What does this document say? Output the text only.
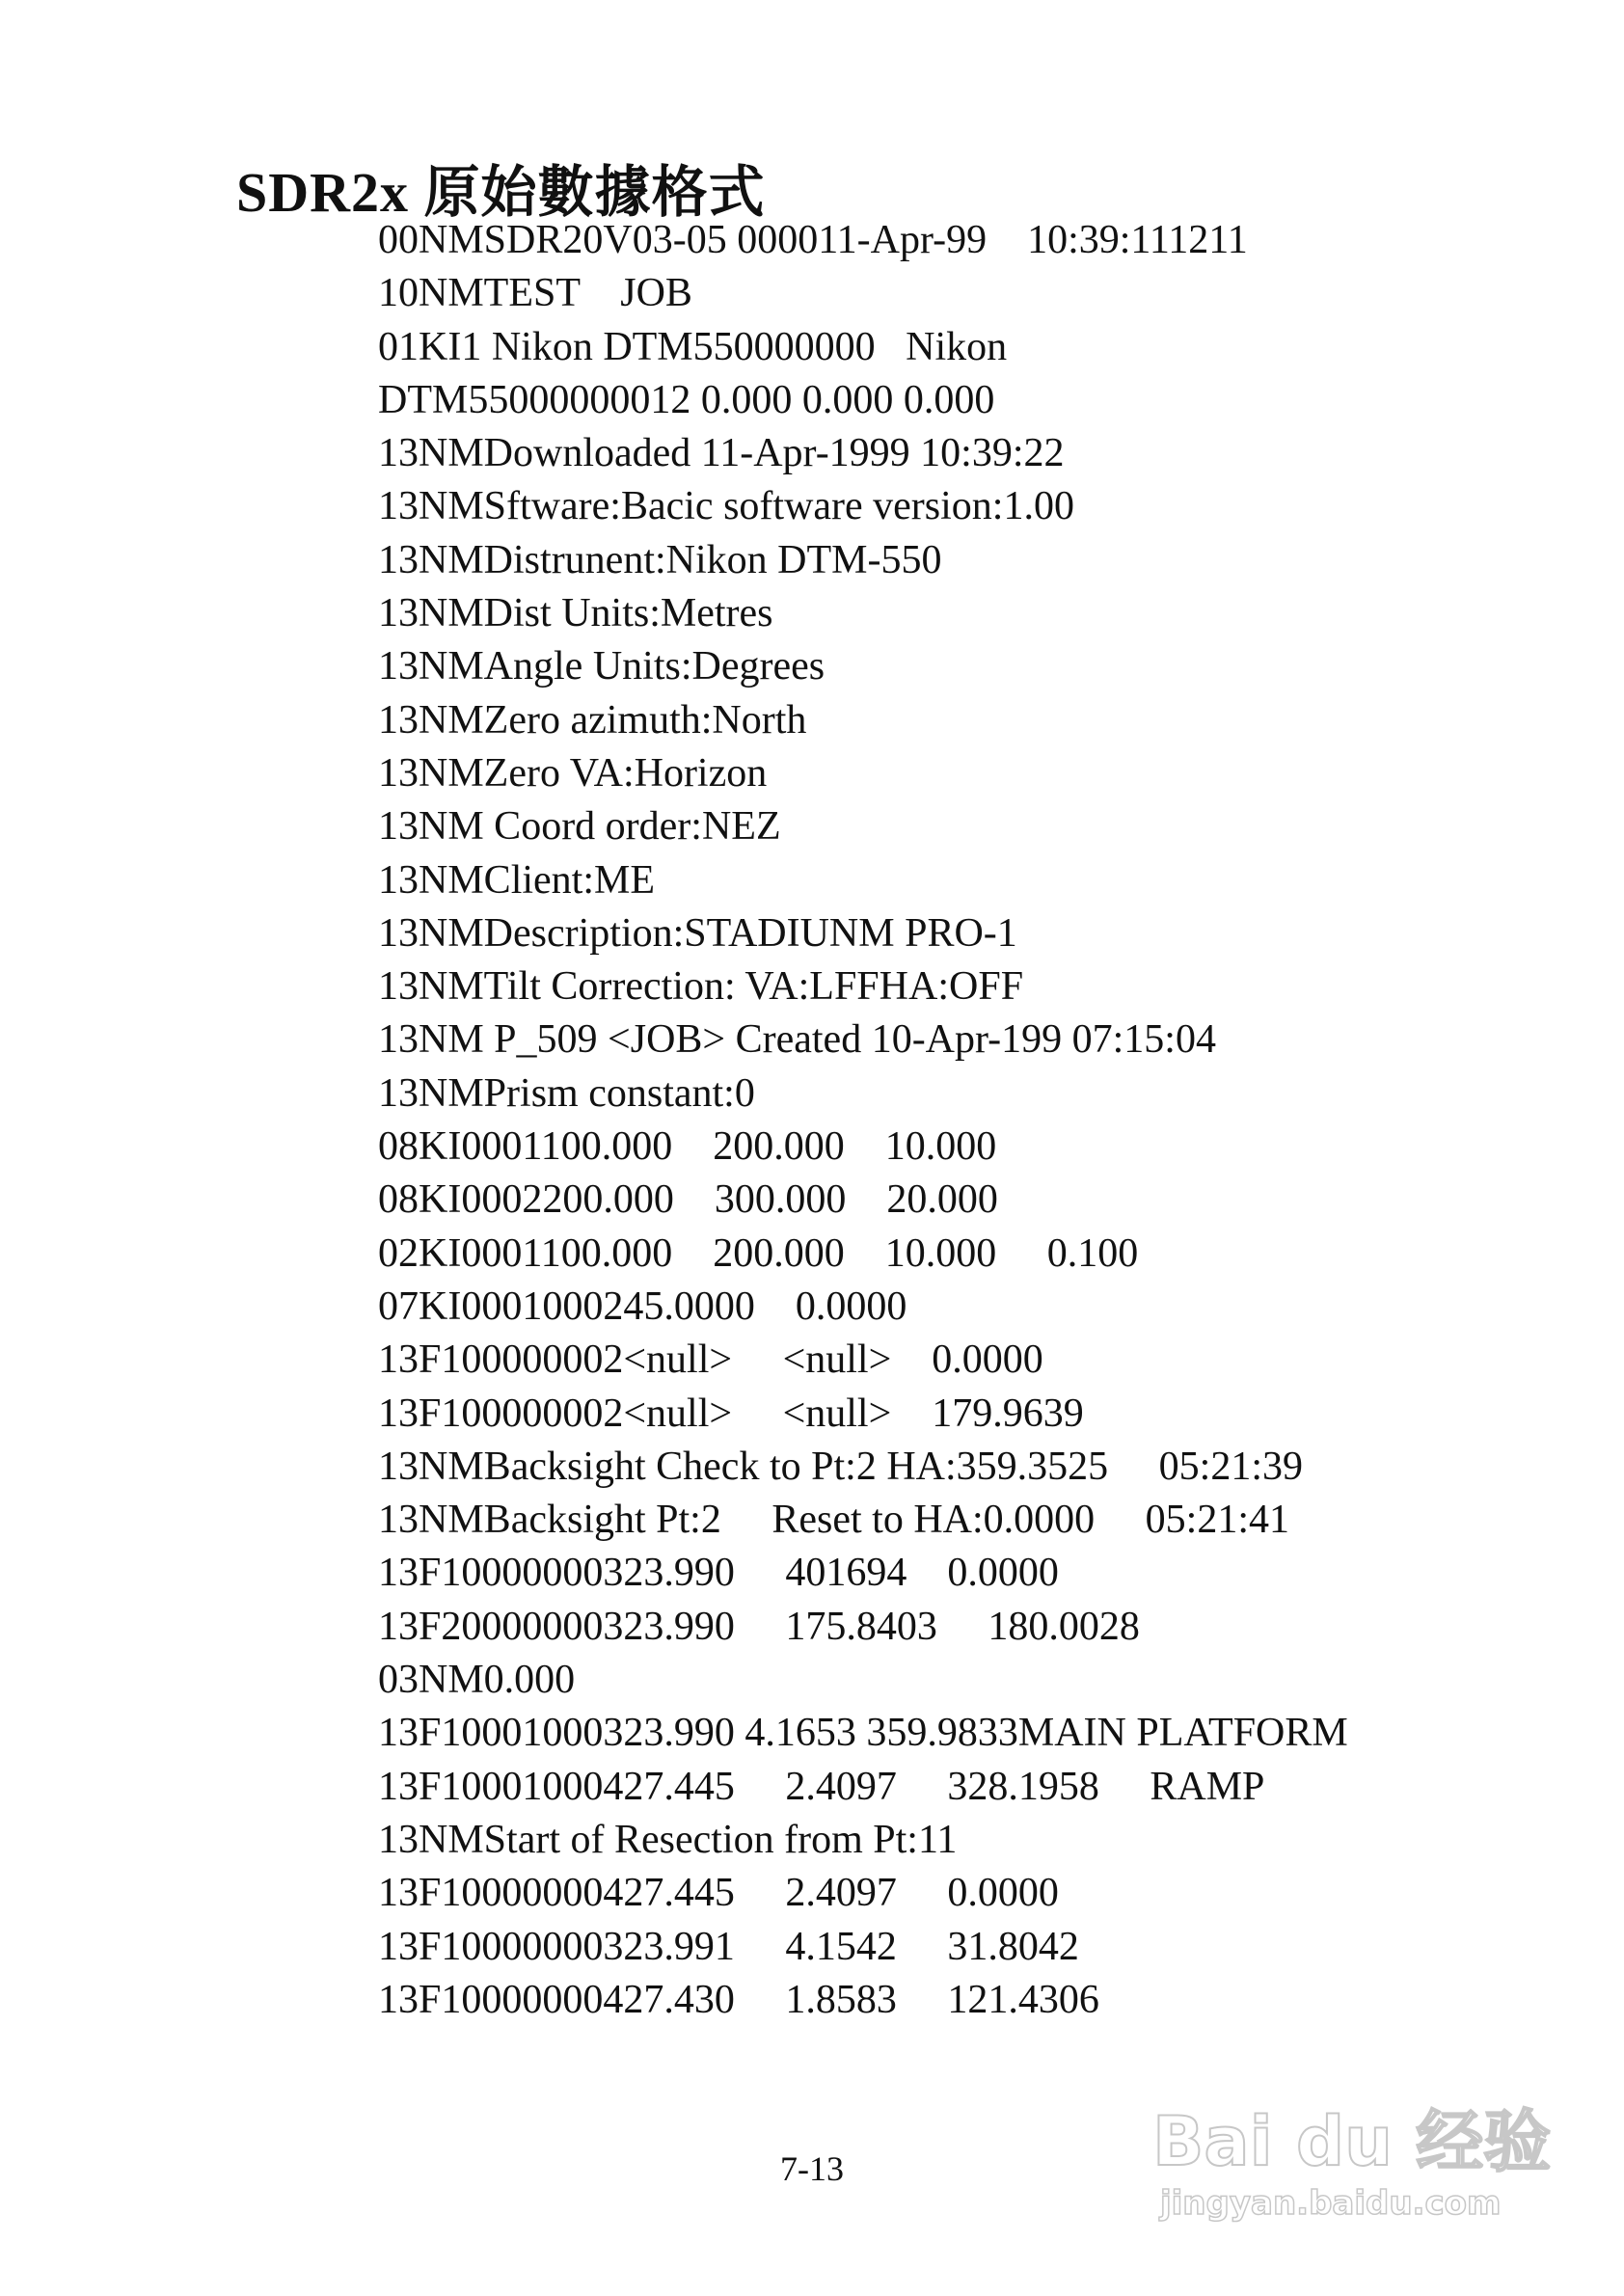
SDR2x 原始數據格式
00NMSDR20V03-05 000011-Apr-99    10:39:111211
10NMTEST    JOB
01KI1 Nikon DTM550000000   Nikon
DTM55000000012 0.000 0.000 0.000
13NMDownloaded 11-Apr-1999 10:39:22
13NMSftware:Bacic software version:1.00
13NMDistrunent:Nikon DTM-550
13NMDist Units:Metres
13NMAngle Units:Degrees
13NMZero azimuth:North
13NMZero VA:Horizon
13NM Coord order:NEZ
13NMClient:ME
13NMDescription:STADIUNM PRO-1
13NMTilt Correction: VA:LFFHA:OFF
13NM P_509 <JOB> Created 10-Apr-199 07:15:04
13NMPrism constant:0
08KI0001100.000    200.000    10.000
08KI0002200.000    300.000    20.000
02KI0001100.000    200.000    10.000     0.100
07KI0001000245.0000    0.0000
13F100000002<null>     <null>    0.0000
13F100000002<null>     <null>    179.9639
13NMBacksight Check to Pt:2 HA:359.3525     05:21:39
13NMBacksight Pt:2     Reset to HA:0.0000     05:21:41
13F10000000323.990     401694    0.0000
13F20000000323.990     175.8403     180.0028
03NM0.000
13F10001000323.990 4.1653 359.9833MAIN PLATFORM
13F10001000427.445     2.4097     328.1958     RAMP
13NMStart of Resection from Pt:11
13F10000000427.445     2.4097     0.0000
13F10000000323.991     4.1542     31.8042
13F10000000427.430     1.8583     121.4306
7-13	Bai du 经验
jingyan.baidu.com
